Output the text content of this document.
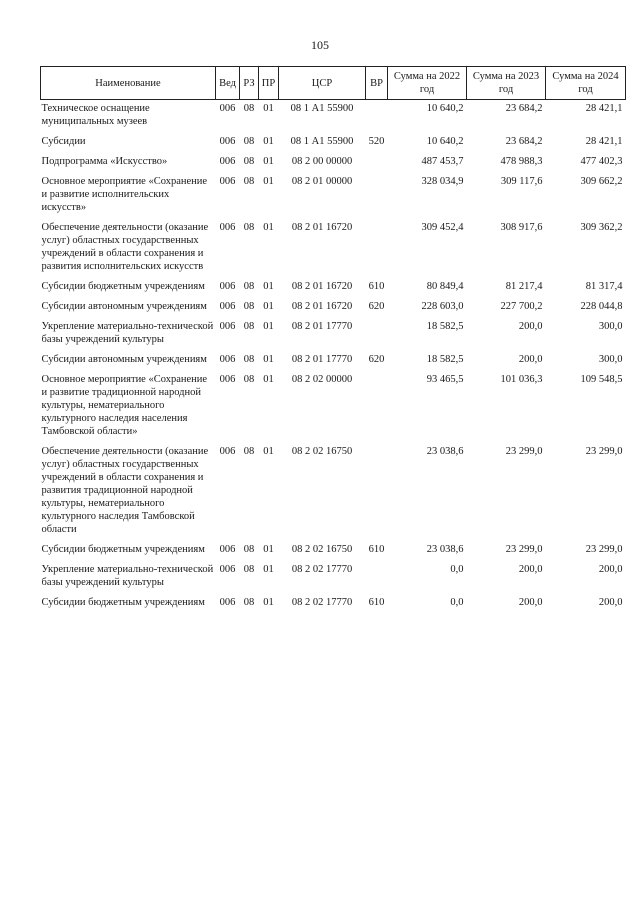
105
Наименование	Вед	РЗ	ПР	ЦСР	ВР	Сумма на 2022 год	Сумма на 2023 год	Сумма на 2024 год
Техническое оснащение муниципальных музеев	006	08	01	08 1 А1 55900		10 640,2	23 684,2	28 421,1
Субсидии	006	08	01	08 1 А1 55900	520	10 640,2	23 684,2	28 421,1
Подпрограмма «Искусство»	006	08	01	08 2 00 00000		487 453,7	478 988,3	477 402,3
Основное мероприятие «Сохранение и развитие исполнительских искусств»	006	08	01	08 2 01 00000		328 034,9	309 117,6	309 662,2
Обеспечение деятельности (оказание услуг) областных государственных учреждений в области сохранения и развития исполнительских искусств	006	08	01	08 2 01 16720		309 452,4	308 917,6	309 362,2
Субсидии бюджетным учреждениям	006	08	01	08 2 01 16720	610	80 849,4	81 217,4	81 317,4
Субсидии автономным учреждениям	006	08	01	08 2 01 16720	620	228 603,0	227 700,2	228 044,8
Укрепление материально-технической базы учреждений культуры	006	08	01	08 2 01 17770		18 582,5	200,0	300,0
Субсидии автономным учреждениям	006	08	01	08 2 01 17770	620	18 582,5	200,0	300,0
Основное мероприятие «Сохранение и развитие традиционной народной культуры, нематериального культурного наследия населения Тамбовской области»	006	08	01	08 2 02 00000		93 465,5	101 036,3	109 548,5
Обеспечение деятельности (оказание услуг) областных государственных учреждений в области сохранения и развития традиционной народной культуры, нематериального культурного наследия Тамбовской области	006	08	01	08 2 02 16750		23 038,6	23 299,0	23 299,0
Субсидии бюджетным учреждениям	006	08	01	08 2 02 16750	610	23 038,6	23 299,0	23 299,0
Укрепление материально-технической базы учреждений культуры	006	08	01	08 2 02 17770		0,0	200,0	200,0
Субсидии бюджетным учреждениям	006	08	01	08 2 02 17770	610	0,0	200,0	200,0
